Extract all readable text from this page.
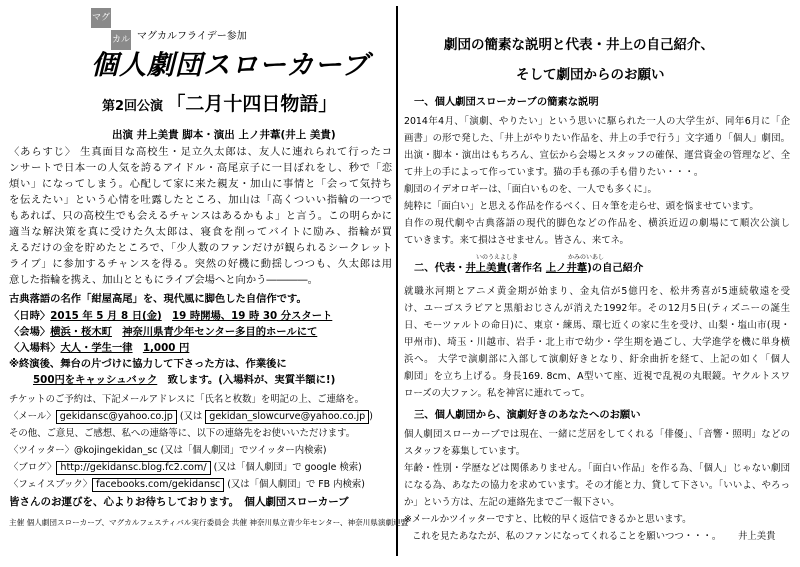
マグ
カル マグカルフライデー参加
個人劇団スローカーブ
第2回公演 「二月十四日物語」
出演 井上美貴 脚本・演出 上ノ井葦(井上 美貴)
〈あらすじ〉 生真面目な高校生・足立久太郎は、友人に連れられて行ったコ
ンサートで日本一の人気を誇るアイドル・高尾京子に一目ぼれをし、秒で「恋
煩い」になってしまう。心配して家に来た親友・加山に事情と「会って気持ち
を伝えたい」という心情を吐露したところ、加山は「高くついい指輪の一つで
もあれば、只の高校生でも会えるチャンスはあるかもよ」と言う。この明らかに
適当な解決策を真に受けた久太郎は、寝食を削ってバイトに励み、指輪が買
えるだけの金を貯めたところで、「少人数のファンだけが観られるシークレット
ライブ」に参加するチャンスを得る。突然の好機に動揺しつつも、久太郎は用
意した指輪を携え、加山とともにライブ会場へと向かう――――。
古典落語の名作「紺屋高尾」を、現代風に脚色した自信作です。
〈日時〉2015 年 5 月 8 日(金)　 19 時開場、19 時 30 分スタート
〈会場〉横浜・桜木町　 神奈川県青少年センター多目的ホールにて
〈入場料〉大人・学生一律　 1,000 円
※終演後、舞台の片づけに協力して下さった方は、作業後に
500円をキャッシュバック　 致します。(入場料が、実質半額に!)
チケットのご予約は、下記メールアドレスに「氏名と枚数」を明記の上、ご連絡を。
〈メール〉 gekidansc@yahoo.co.jp (又は gekidan_slowcurve@yahoo.co.jp )
その他、ご意見、ご感想、私への連絡等に、以下の連絡先をお使いいただけます。
〈ツイッター〉@kojingekidan_sc (又は「個人劇団」でツイッター内検索)
〈ブログ〉 http://gekidansc.blog.fc2.com/ (又は「個人劇団」で google 検索)
〈フェイスブック〉 facebooks.com/gekidansc (又は「個人劇団」で FB 内検索)
皆さんのお運びを、心よりお待ちしております。　 個人劇団スローカーブ
主催 個人劇団スローカーブ、マグカルフェスティバル実行委員会 共催 神奈川県立青少年センター、神奈川県演劇連盟
劇団の簡素な説明と代表・井上の自己紹介、
そして劇団からのお願い
一、個人劇団スローカーブの簡素な説明
2014年4月、「演劇、やりたい」という思いに駆られた一人の大学生が、同年6月に「企
画書」の形で発した、「井上がやりたい作品を、井上の手で行う」文字通り「個人」劇団。
出演・脚本・演出はもちろん、宣伝から会場とスタッフの確保、運営資金の管理など、全
て井上の手によって作っています。猫の手も孫の手も借りたい・・・。
劇団のイデオロギーは、「面白いものを、一人でも多くに」。
純粋に「面白い」と思える作品を作るべく、日々筆を走らせ、頭を悩ませています。
自作の現代劇や古典落語の現代的脚色などの作品を、横浜近辺の劇場にて順次公演し
ていきます。来て損はさせません。皆さん、来てネ。
いのうえよしき	かみのいあし
二、代表・井上美貴(著作名 上ノ井葦)の自己紹介
就職氷河期とアニメ黄金期が始まり、金丸信が5億円を、松井秀喜が5連続敬遠を受
け、ユーゴスラビアと黒船おじさんが消えた1992年。その12月5日(ティズニーの誕生
日、モーツァルトの命日)に、東京・練馬、環七近くの家に生を受け、山梨・塩山市(現・
甲州市)、埼玉・川越市、岩手・北上市で幼少・学生期を過ごし、大学進学を機に単身横
浜へ。 大学で演劇部に入部して演劇好きとなり、紆余曲折を経て、上記の如く「個人
劇団」を立ち上げる。身長169. 8cm、A型いて座、近視で乱視の丸眼鏡。ヤクルトスワ
ローズの大ファン。私を神宮に連れてって。
三、個人劇団から、演劇好きのあなたへのお願い
個人劇団スローカーブでは現在、一緒に芝居をしてくれる「俳優」、「音響・照明」などの
スタッフを募集しています。
年齢・性別・学歴などは関係ありません。「面白い作品」を作る為、「個人」じゃない劇団
になる為、あなたの協力を求めています。その才能と力、貸して下さい。「いいよ、やろっ
か」という方は、左記の連絡先までご一報下さい。
※メールかツイッターですと、比較的早く返信できるかと思います。
これを見たあなたが、私のファンになってくれることを願いつつ・・・。 井上美貴
